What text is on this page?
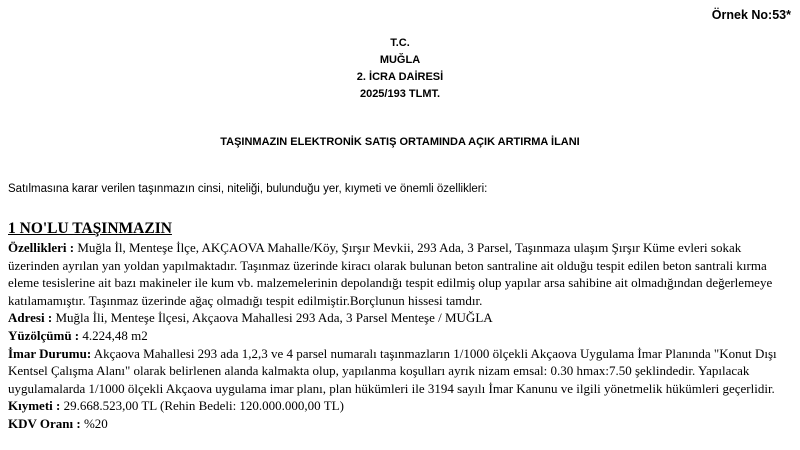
Örnek No:53*
T.C.
MUĞLA
2. İCRA DAİRESİ
2025/193 TLMT.
TAŞINMAZIN ELEKTRONİK SATIŞ ORTAMINDA AÇIK ARTIRMA İLANI
Satılmasına karar verilen taşınmazın cinsi, niteliği, bulunduğu yer, kıymeti ve önemli özellikleri:
1 NO'LU TAŞINMAZIN

Özellikleri : Muğla İl, Menteşe İlçe, AKÇAOVA Mahalle/Köy, Şırşır Mevkii, 293 Ada, 3 Parsel, Taşınmaza ulaşım Şırşır Küme evleri sokak üzerinden ayrılan yan yoldan yapılmaktadır. Taşınmaz üzerinde kiracı olarak bulunan beton santraline ait olduğu tespit edilen beton santrali kırma eleme tesislerine ait bazı makineler ile kum vb. malzemelerinin depolandığı tespit edilmiş olup yapılar arsa sahibine ait olmadığından değerlemeye katılamamıştır. Taşınmaz üzerinde ağaç olmadığı tespit edilmiştir.Borçlunun hissesi tamdır.

Adresi : Muğla İli, Menteşe İlçesi, Akçaova Mahallesi 293 Ada, 3 Parsel Menteşe / MUĞLA

Yüzölçümü : 4.224,48 m2

İmar Durumu: Akçaova Mahallesi 293 ada 1,2,3 ve 4 parsel numaralı taşınmazların 1/1000 ölçekli Akçaova Uygulama İmar Planında "Konut Dışı Kentsel Çalışma Alanı" olarak belirlenen alanda kalmakta olup, yapılanma koşulları ayrık nizam emsal: 0.30 hmax:7.50 şeklindedir. Yapılacak uygulamalarda 1/1000 ölçekli Akçaova uygulama imar planı, plan hükümleri ile 3194 sayılı İmar Kanunu ve ilgili yönetmelik hükümleri geçerlidir.

Kıymeti : 29.668.523,00 TL (Rehin Bedeli: 120.000.000,00 TL)

KDV Oranı : %20
